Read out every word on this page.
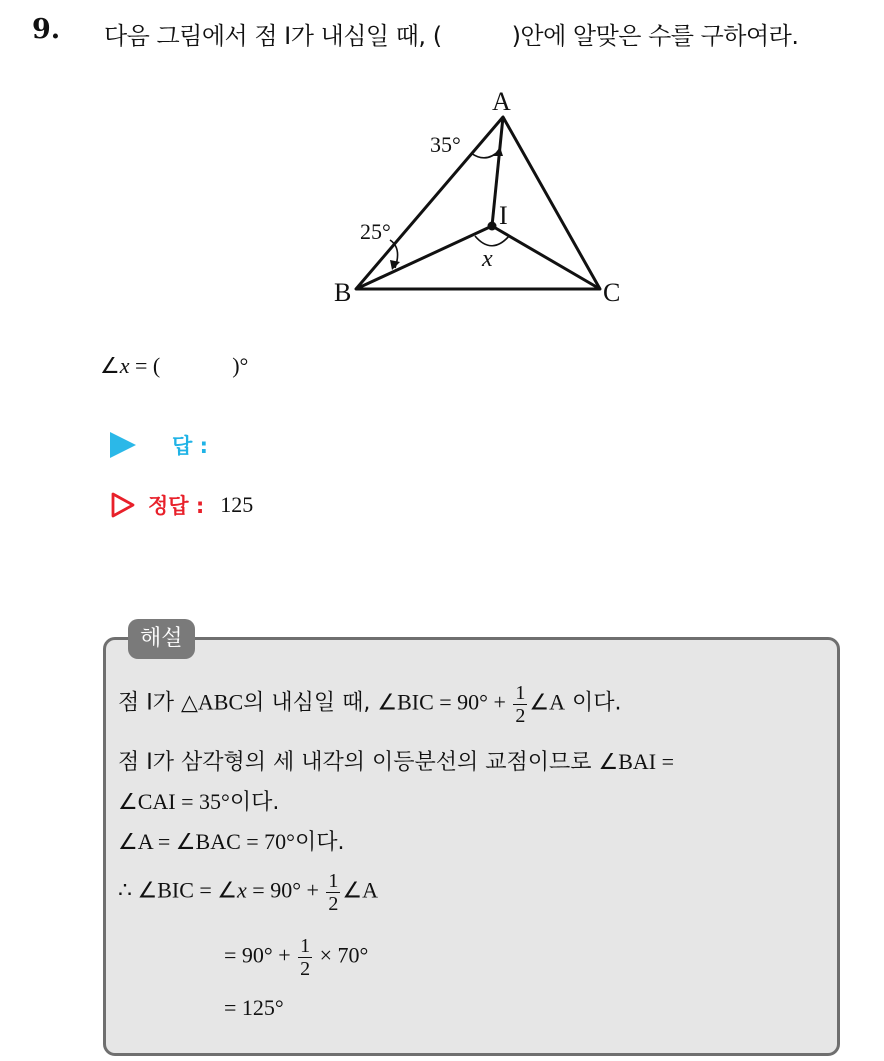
9. 다음 그림에서 점 I가 내심일 때, (	)안에 알맞은 수를 구하여라.
A
B	C
I
x
35°
25°
∠x = (	)°
답 :
정답 : 125
해설
점 I가 △ABC의 내심일 때, ∠BIC = $90^\circ + \frac{1}{2}$ ∠A 이다.
점 I가 삼각형의 세 내각의 이등분선의 교점이므로 ∠BAI =
∠CAI = 35°이다.
∠A = ∠BAC = 70°이다.
∴ ∠BIC = ∠x = $90^\circ + \frac{1}{2}$ ∠A
= $90^\circ + \frac{1}{2} \times 70^\circ$
= 125°
